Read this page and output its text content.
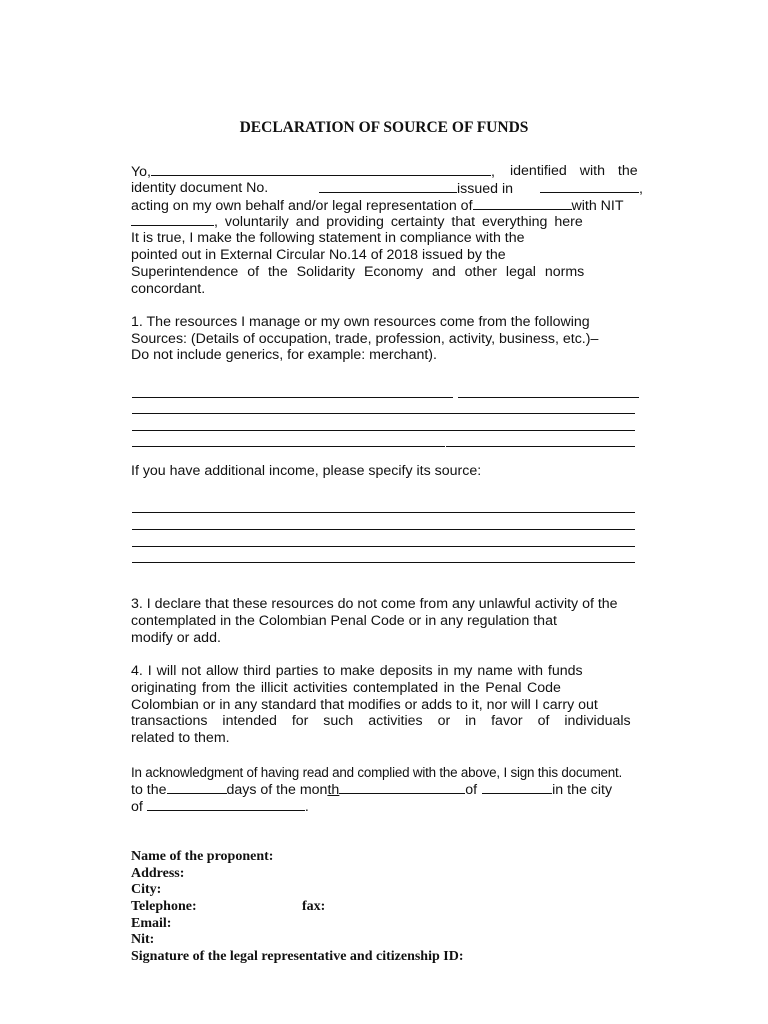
DECLARATION OF SOURCE OF FUNDS
Yo,	, identified with the
identity document No.	issued in	,
acting on my own behalf and/or legal representation of	with NIT
, voluntarily and providing certainty that everything here
It is true, I make the following statement in compliance with the
pointed out in External Circular No.14 of 2018 issued by the
Superintendence of the Solidarity Economy and other legal norms
concordant.
1. The resources I manage or my own resources come from the following
Sources: (Details of occupation, trade, profession, activity, business, etc.)–
Do not include generics, for example: merchant).
If you have additional income, please specify its source:
3. I declare that these resources do not come from any unlawful activity of the
contemplated in the Colombian Penal Code or in any regulation that
modify or add.
4. I will not allow third parties to make deposits in my name with funds
originating from the illicit activities contemplated in the Penal Code
Colombian or in any standard that modifies or adds to it, nor will I carry out
transactions intended for such activities or in favor of individuals
related to them.
In acknowledgment of having read and complied with the above, I sign this document.
to the	days of the month	of	in the city
of	.
Name of the proponent:
Address:
City:
Telephone:	fax:
Email:
Nit:
Signature of the legal representative and citizenship ID:
